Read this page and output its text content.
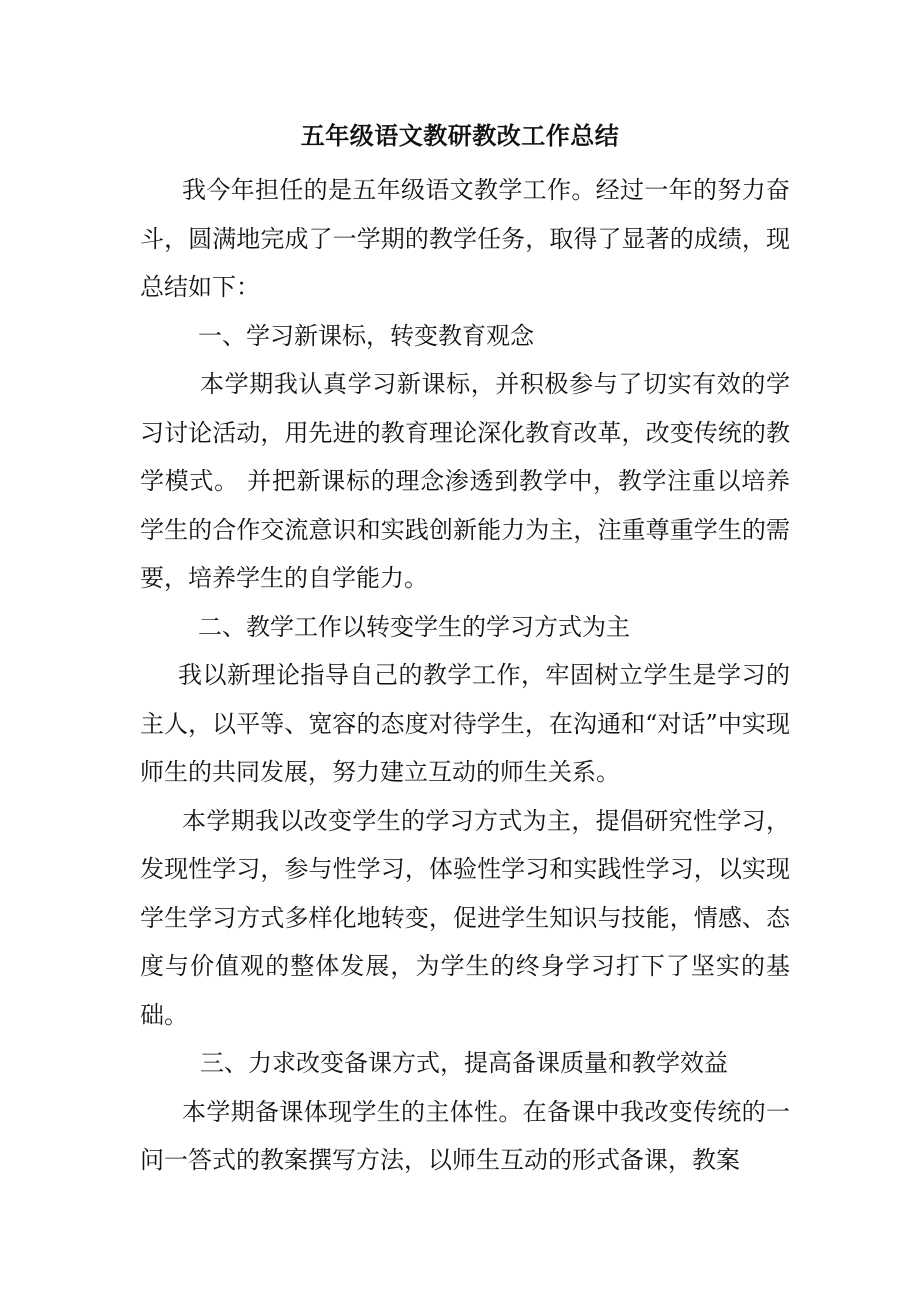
五年级语文教研教改工作总结

我今年担任的是五年级语文教学工作。经过一年的努力奋斗，圆满地完成了一学期的教学任务，取得了显著的成绩，现总结如下：

一、学习新课标，转变教育观念

本学期我认真学习新课标，并积极参与了切实有效的学习讨论活动，用先进的教育理论深化教育改革，改变传统的教学模式。 并把新课标的理念渗透到教学中，教学注重以培养学生的合作交流意识和实践创新能力为主，注重尊重学生的需要，培养学生的自学能力。

二、教学工作以转变学生的学习方式为主

我以新理论指导自己的教学工作，牢固树立学生是学习的主人，以平等、宽容的态度对待学生，在沟通和“对话”中实现师生的共同发展，努力建立互动的师生关系。

本学期我以改变学生的学习方式为主，提倡研究性学习，发现性学习，参与性学习，体验性学习和实践性学习，以实现学生学习方式多样化地转变，促进学生知识与技能，情感、态度与价值观的整体发展，为学生的终身学习打下了坚实的基础。

三、力求改变备课方式，提高备课质量和教学效益

本学期备课体现学生的主体性。在备课中我改变传统的一问一答式的教案撰写方法，以师生互动的形式备课，教案
